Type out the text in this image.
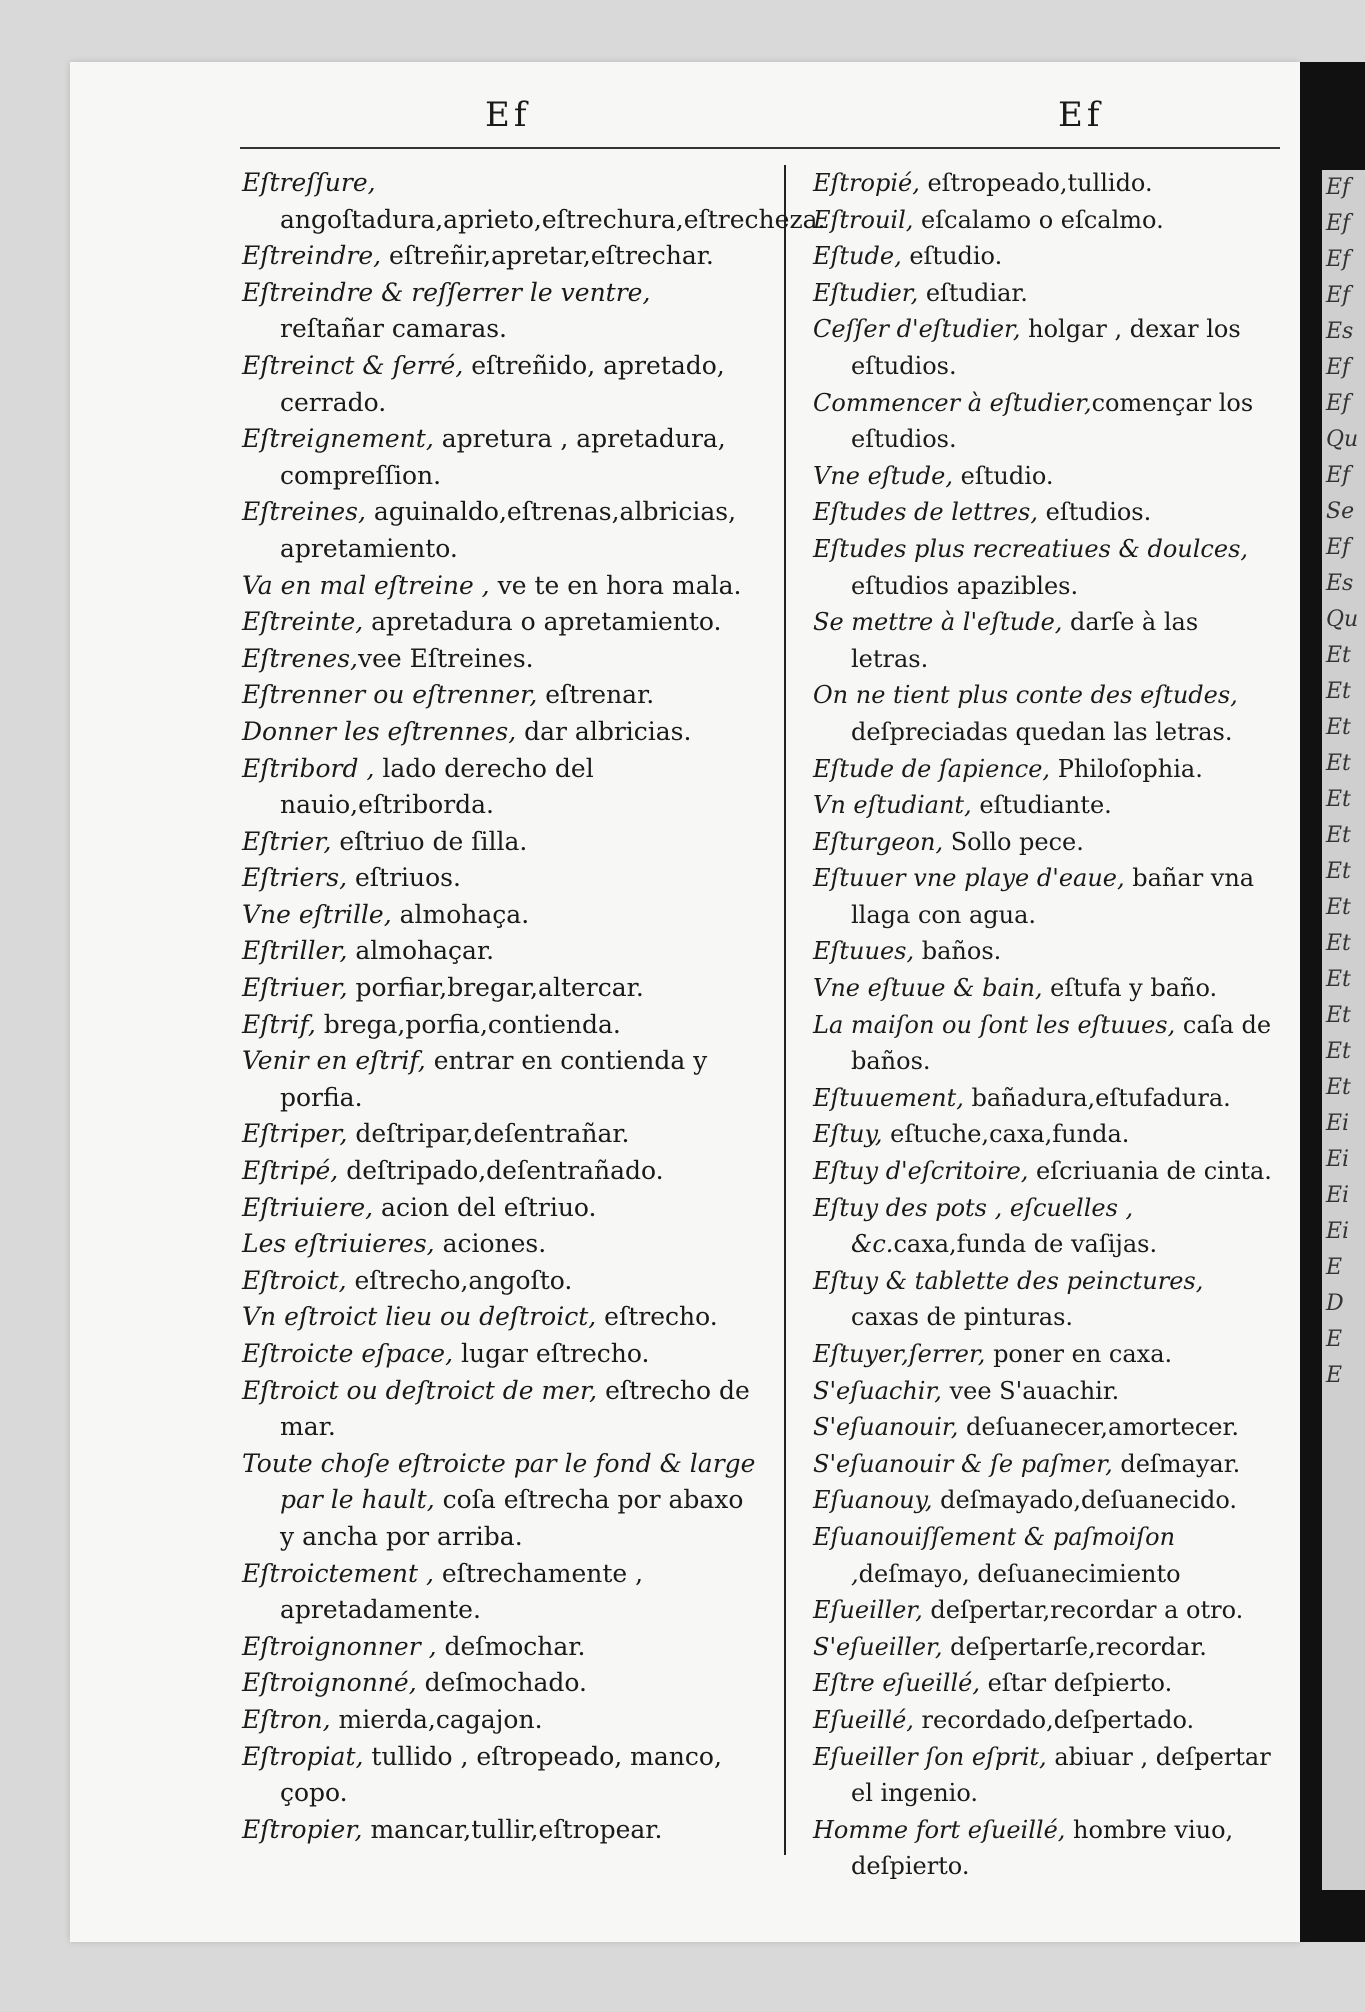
Ef
Ef
Ef
Ef
Es
Ef
Ef
Qu
Ef
Se
Ef
Es
Qu
Et
Et
Et
Et
Et
Et
Et
Et
Et
Et
Et
Et
Et
Ei
Ei
Ei
Ei
E
D
E
E
Ef	Ef
Eſtreſſure, angoſtadura,aprieto,eſtrechura,eſtrecheza.
Eſtreindre, eſtreñir,apretar,eſtrechar.
Eſtreindre & reſſerrer le ventre, reſtañar camaras.
Eſtreinct & ſerré, eſtreñido, apretado, cerrado.
Eſtreignement, apretura , apretadura, compreſſion.
Eſtreines, aguinaldo,eſtrenas,albricias, apretamiento.
Va en mal eſtreine , ve te en hora mala.
Eſtreinte, apretadura o apretamiento.
Eſtrenes,vee Eſtreines.
Eſtrenner ou eſtrenner, eſtrenar.
Donner les eſtrennes, dar albricias.
Eſtribord , lado derecho del nauio,eſtriborda.
Eſtrier, eſtriuo de ſilla.
Eſtriers, eſtriuos.
Vne eſtrille, almohaça.
Eſtriller, almohaçar.
Eſtriuer, porfiar,bregar,altercar.
Eſtrif, brega,porfia,contienda.
Venir en eſtrif, entrar en contienda y porfia.
Eſtriper, deſtripar,deſentrañar.
Eſtripé, deſtripado,deſentrañado.
Eſtriuiere, acion del eſtriuo.
Les eſtriuieres, aciones.
Eſtroict, eſtrecho,angoſto.
Vn eſtroict lieu ou deſtroict, eſtrecho.
Eſtroicte eſpace, lugar eſtrecho.
Eſtroict ou deſtroict de mer, eſtrecho de mar.
Toute choſe eſtroicte par le fond & large par le hault, coſa eſtrecha por abaxo y ancha por arriba.
Eſtroictement , eſtrechamente , apretadamente.
Eſtroignonner , deſmochar.
Eſtroignonné, deſmochado.
Eſtron, mierda,cagajon.
Eſtropiat, tullido , eſtropeado, manco, çopo.
Eſtropier, mancar,tullir,eſtropear.
Eſtropié, eſtropeado,tullido.
Eſtrouil, eſcalamo o eſcalmo.
Eſtude, eſtudio.
Eſtudier, eſtudiar.
Ceſſer d'eſtudier, holgar , dexar los eſtudios.
Commencer à eſtudier,començar los eſtudios.
Vne eſtude, eſtudio.
Eſtudes de lettres, eſtudios.
Eſtudes plus recreatiues & doulces, eſtudios apazibles.
Se mettre à l'eſtude, darſe à las letras.
On ne tient plus conte des eſtudes, deſpreciadas quedan las letras.
Eſtude de ſapience, Philoſophia.
Vn eſtudiant, eſtudiante.
Eſturgeon, Sollo pece.
Eſtuuer vne playe d'eaue, bañar vna llaga con agua.
Eſtuues, baños.
Vne eſtuue & bain, eſtufa y baño.
La maiſon ou ſont les eſtuues, caſa de baños.
Eſtuuement, bañadura,eſtufadura.
Eſtuy, eſtuche,caxa,funda.
Eſtuy d'eſcritoire, eſcriuania de cinta.
Eſtuy des pots , eſcuelles , &c.caxa,funda de vaſijas.
Eſtuy & tablette des peinctures, caxas de pinturas.
Eſtuyer,ſerrer, poner en caxa.
S'eſuachir, vee S'auachir.
S'eſuanouir, deſuanecer,amortecer.
S'eſuanouir & ſe paſmer, deſmayar.
Eſuanouy, deſmayado,deſuanecido.
Eſuanouiſſement & paſmoiſon ,deſmayo, deſuanecimiento
Eſueiller, deſpertar,recordar a otro.
S'eſueiller, deſpertarſe,recordar.
Eſtre eſueillé, eſtar deſpierto.
Eſueillé, recordado,deſpertado.
Eſueiller ſon eſprit, abiuar , deſpertar el ingenio.
Homme fort eſueillé, hombre viuo, deſpierto.
